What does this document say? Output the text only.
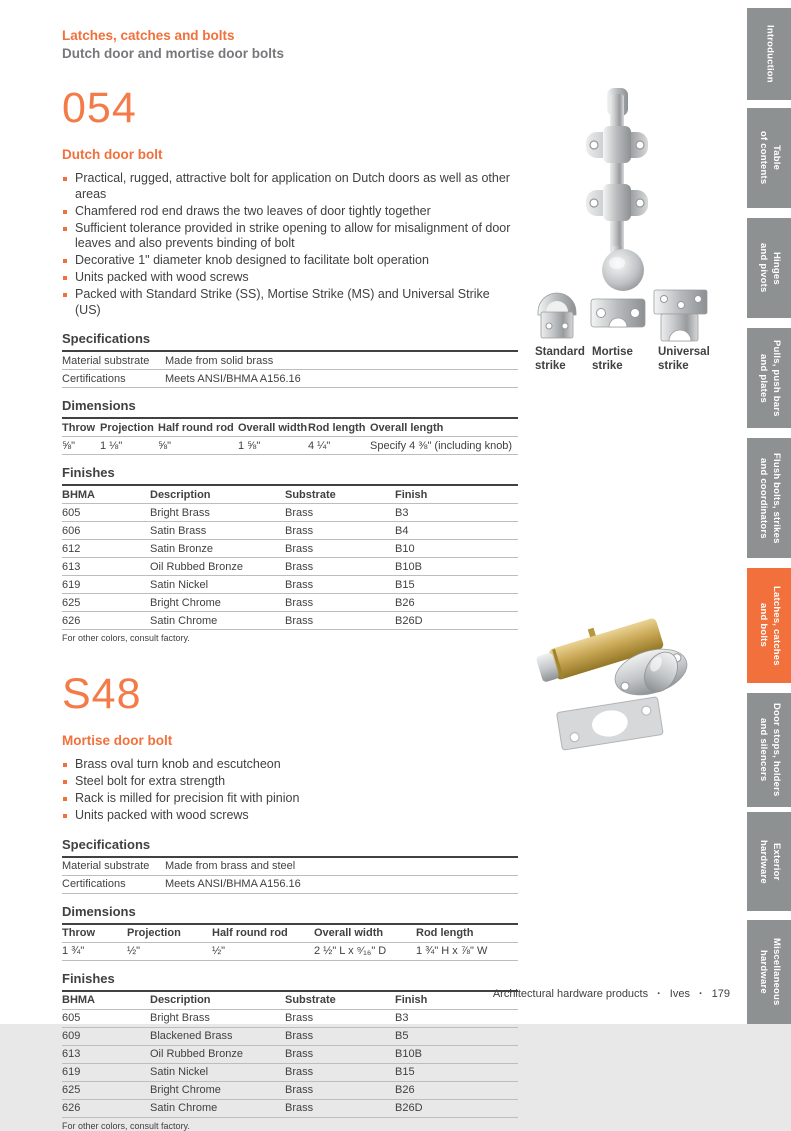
Latches, catches and bolts
Dutch door and mortise door bolts
054
Dutch door bolt
Practical, rugged, attractive bolt for application on Dutch doors as well as other areas
Chamfered rod end draws the two leaves of door tightly together
Sufficient tolerance provided in strike opening to allow for misalignment of door leaves and also prevents binding of bolt
Decorative 1" diameter knob designed to facilitate bolt operation
Units packed with wood screws
Packed with Standard Strike (SS), Mortise Strike (MS) and Universal Strike (US)
Specifications
Material substrate	Made from solid brass
Certifications	Meets ANSI/BHMA A156.16
Dimensions
Throw	Projection	Half round rod	Overall width	Rod length	Overall length
⅝"	1 ⅛"	⅝"	1 ⅝"	4 ¼"	Specify 4 ⅜" (including knob)
Finishes
BHMA	Description	Substrate	Finish
605	Bright Brass	Brass	B3
606	Satin Brass	Brass	B4
612	Satin Bronze	Brass	B10
613	Oil Rubbed Bronze	Brass	B10B
619	Satin Nickel	Brass	B15
625	Bright Chrome	Brass	B26
626	Satin Chrome	Brass	B26D
For other colors, consult factory.
S48
Mortise door bolt
Brass oval turn knob and escutcheon
Steel bolt for extra strength
Rack is milled for precision fit with pinion
Units packed with wood screws
Specifications
Material substrate	Made from brass and steel
Certifications	Meets ANSI/BHMA A156.16
Dimensions
Throw	Projection	Half round rod	Overall width	Rod length
1 ¾"	½"	½"	2 ½" L x ⁹⁄₁₆" D	1 ¾" H x ⅞" W
Finishes
BHMA	Description	Substrate	Finish
605	Bright Brass	Brass	B3
609	Blackened Brass	Brass	B5
613	Oil Rubbed Bronze	Brass	B10B
619	Satin Nickel	Brass	B15
625	Bright Chrome	Brass	B26
626	Satin Chrome	Brass	B26D
For other colors, consult factory.
Standard strike
Mortise strike
Universal strike
Introduction
Table
of contents
Hinges
and pivots
Pulls, push bars
and plates
Flush bolts, strikes
and coordinators
Latches, catches
and bolts
Door stops, holders
and silencers
Exterior
hardware
Miscellaneous
hardware
Architectural hardware products · Ives · 179
